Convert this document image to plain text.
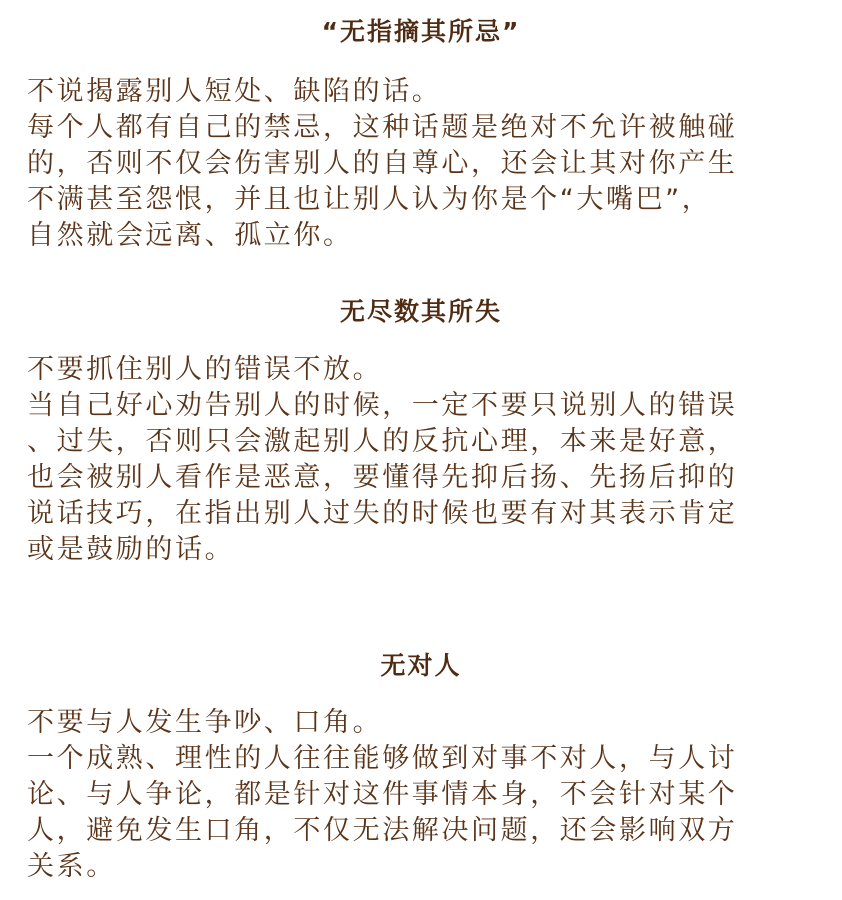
“无指摘其所忌”
不说揭露别人短处、缺陷的话。
每个人都有自己的禁忌，这种话题是绝对不允许被触碰
的，否则不仅会伤害别人的自尊心，还会让其对你产生
不满甚至怨恨，并且也让别人认为你是个“大嘴巴”，
自然就会远离、孤立你。
无尽数其所失
不要抓住别人的错误不放。
当自己好心劝告别人的时候，一定不要只说别人的错误
、过失，否则只会激起别人的反抗心理，本来是好意，
也会被别人看作是恶意，要懂得先抑后扬、先扬后抑的
说话技巧，在指出别人过失的时候也要有对其表示肯定
或是鼓励的话。
无对人
不要与人发生争吵、口角。
一个成熟、理性的人往往能够做到对事不对人，与人讨
论、与人争论，都是针对这件事情本身，不会针对某个
人，避免发生口角，不仅无法解决问题，还会影响双方
关系。
